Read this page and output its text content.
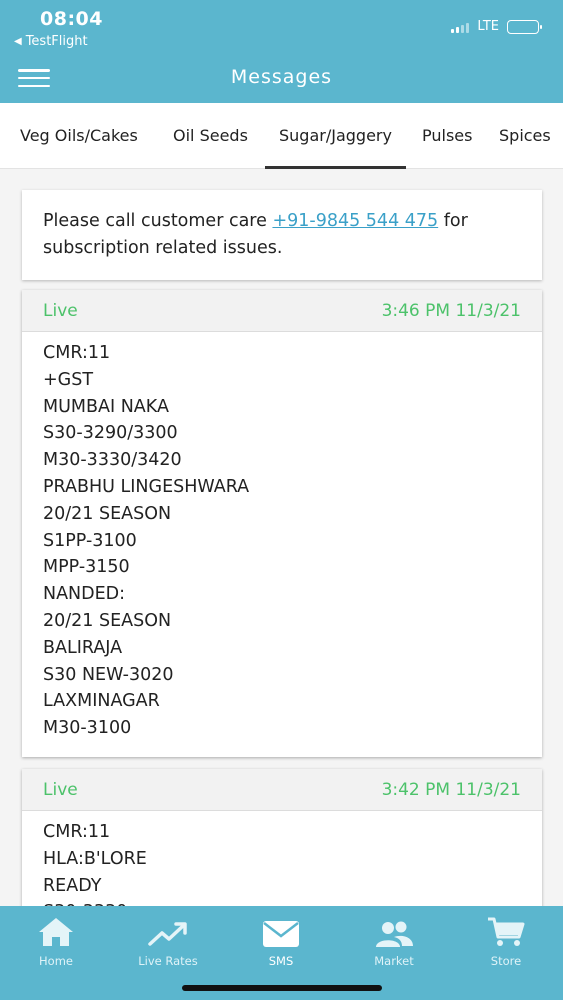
08:04
◀ TestFlight
LTE
Messages
Veg Oils/Cakes Oil Seeds Sugar/Jaggery Pulses Spices
Please call customer care +91-9845 544 475 for subscription related issues.
Live	3:46 PM 11/3/21
CMR:11
+GST
MUMBAI NAKA
S30-3290/3300
M30-3330/3420
PRABHU LINGESHWARA
20/21 SEASON
S1PP-3100
MPP-3150
NANDED:
20/21 SEASON
BALIRAJA
S30 NEW-3020
LAXMINAGAR
M30-3100
Live	3:42 PM 11/3/21
CMR:11
HLA:B'LORE
READY
Home	Live Rates	SMS	Market	Store
